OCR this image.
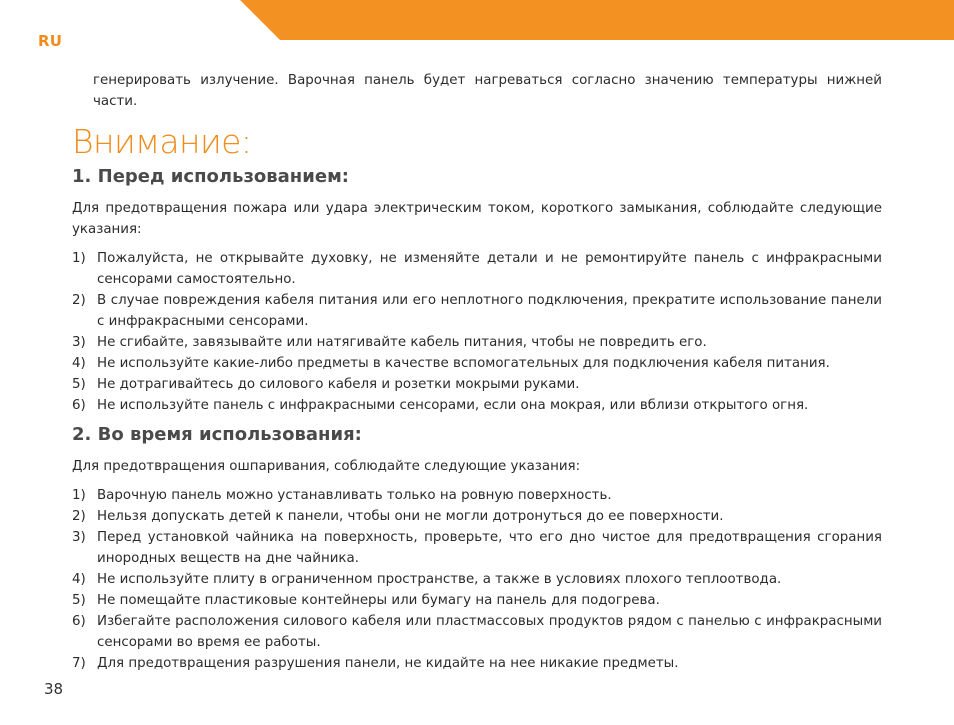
RU
генерировать излучение. Варочная панель будет нагреваться согласно значению температуры нижней части.
Внимание:
1. Перед использованием:
Для предотвращения пожара или удара электрическим током, короткого замыкания, соблюдайте следующие указания:
1) Пожалуйста, не открывайте духовку, не изменяйте детали и не ремонтируйте панель с инфракрасными сенсорами самостоятельно.
2) В случае повреждения кабеля питания или его неплотного подключения, прекратите использование панели с инфракрасными сенсорами.
3) Не сгибайте, завязывайте или натягивайте кабель питания, чтобы не повредить его.
4) Не используйте какие-либо предметы в качестве вспомогательных для подключения кабеля питания.
5) Не дотрагивайтесь до силового кабеля и розетки мокрыми руками.
6) Не используйте панель с инфракрасными сенсорами, если она мокрая, или вблизи открытого огня.
2. Во время использования:
Для предотвращения ошпаривания, соблюдайте следующие указания:
1) Варочную панель можно устанавливать только на ровную поверхность.
2) Нельзя допускать детей к панели, чтобы они не могли дотронуться до ее поверхности.
3) Перед установкой чайника на поверхность, проверьте, что его дно чистое для предотвращения сгорания инородных веществ на дне чайника.
4) Не используйте плиту в ограниченном пространстве, а также в условиях плохого теплоотвода.
5) Не помещайте пластиковые контейнеры или бумагу на панель для подогрева.
6) Избегайте расположения силового кабеля или пластмассовых продуктов рядом с панелью с инфракрасными сенсорами во время ее работы.
7) Для предотвращения разрушения панели, не кидайте на нее никакие предметы.
38
